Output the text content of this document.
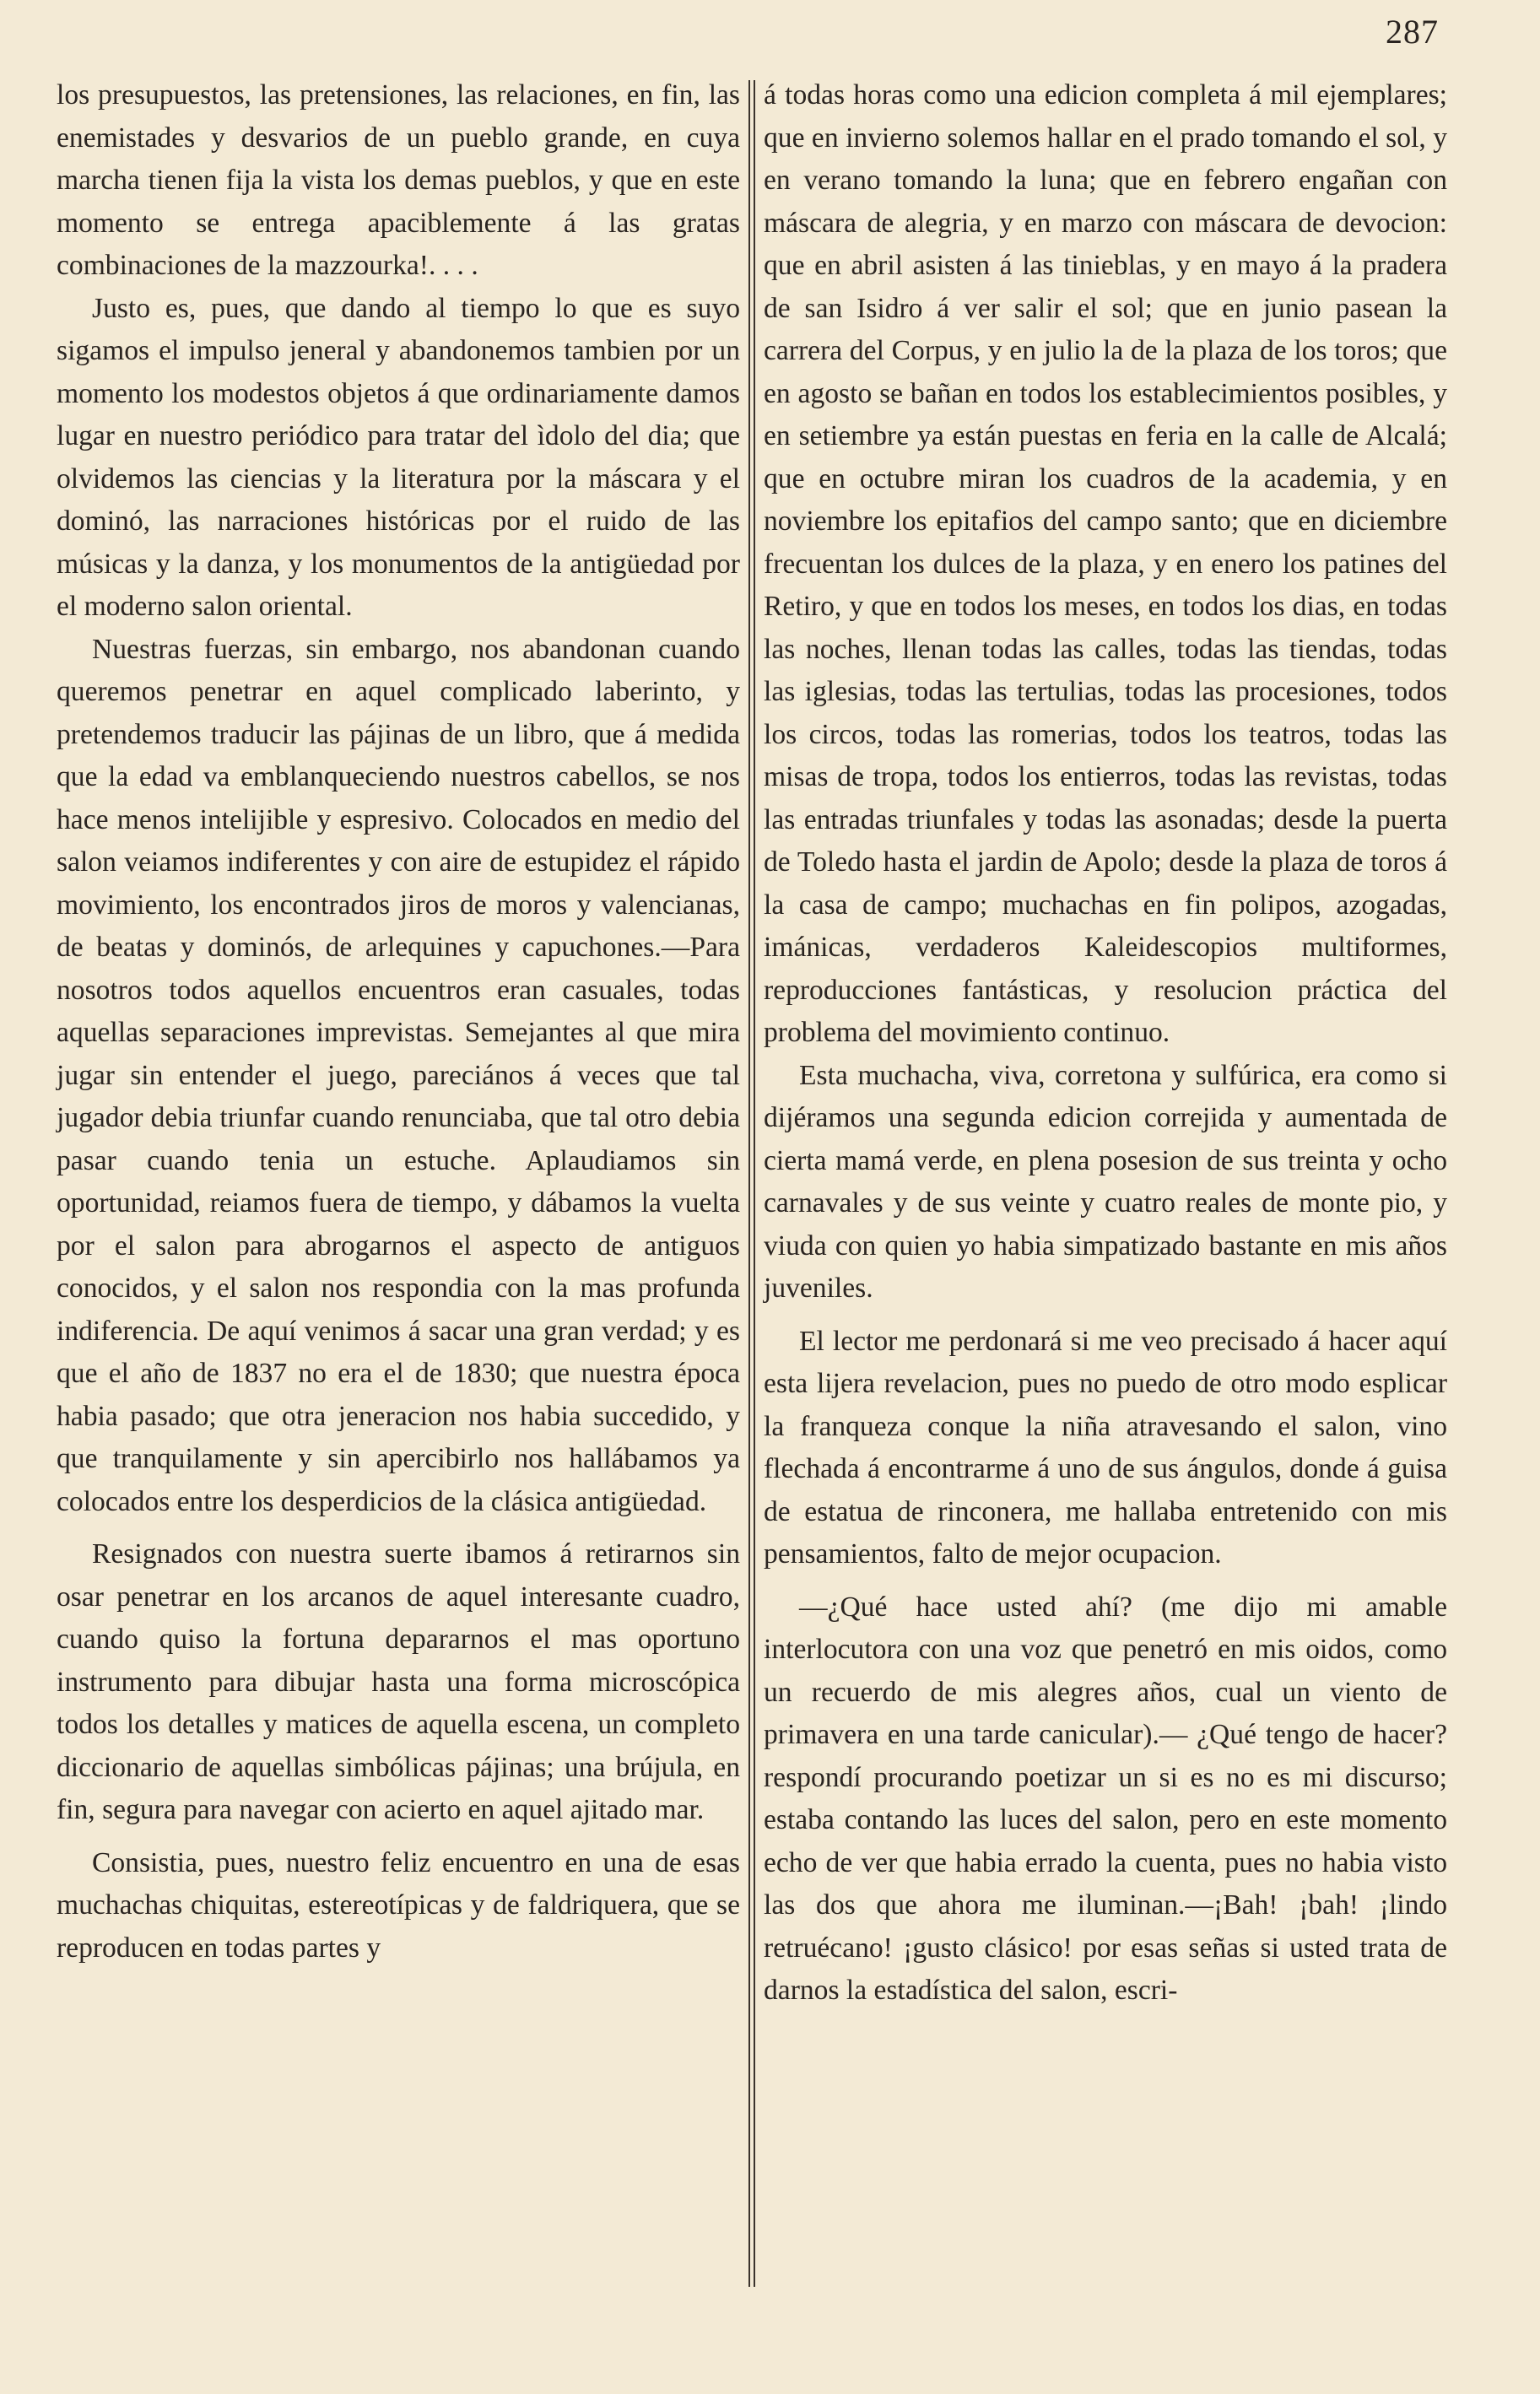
287

los presupuestos, las pretensiones, las relaciones, en fin, las enemistades y desvarios de un pueblo grande, en cuya marcha tienen fija la vista los demas pueblos, y que en este momento se entrega apaciblemente á las gratas combinaciones de la mazzourka!. . . .

Justo es, pues, que dando al tiempo lo que es suyo sigamos el impulso jeneral y abandonemos tambien por un momento los modestos objetos á que ordinariamente damos lugar en nuestro periódico para tratar del ìdolo del dia; que olvidemos las ciencias y la literatura por la máscara y el dominó, las narraciones históricas por el ruido de las músicas y la danza, y los monumentos de la antigüedad por el moderno salon oriental.

Nuestras fuerzas, sin embargo, nos abandonan cuando queremos penetrar en aquel complicado laberinto, y pretendemos traducir las pájinas de un libro, que á medida que la edad va emblanqueciendo nuestros cabellos, se nos hace menos intelijible y espresivo. Colocados en medio del salon veiamos indiferentes y con aire de estupidez el rápido movimiento, los encontrados jiros de moros y valencianas, de beatas y dominós, de arlequines y capuchones.—Para nosotros todos aquellos encuentros eran casuales, todas aquellas separaciones imprevistas. Semejantes al que mira jugar sin entender el juego, pareciános á veces que tal jugador debia triunfar cuando renunciaba, que tal otro debia pasar cuando tenia un estuche. Aplaudiamos sin oportunidad, reiamos fuera de tiempo, y dábamos la vuelta por el salon para abrogarnos el aspecto de antiguos conocidos, y el salon nos respondia con la mas profunda indiferencia. De aquí venimos á sacar una gran verdad; y es que el año de 1837 no era el de 1830; que nuestra época habia pasado; que otra jeneracion nos habia succedido, y que tranquilamente y sin apercibirlo nos hallábamos ya colocados entre los desperdicios de la clásica antigüedad.

Resignados con nuestra suerte ibamos á retirarnos sin osar penetrar en los arcanos de aquel interesante cuadro, cuando quiso la fortuna depararnos el mas oportuno instrumento para dibujar hasta una forma microscópica todos los detalles y matices de aquella escena, un completo diccionario de aquellas simbólicas pájinas; una brújula, en fin, segura para navegar con acierto en aquel ajitado mar.

Consistia, pues, nuestro feliz encuentro en una de esas muchachas chiquitas, estereotípicas y de faldriquera, que se reproducen en todas partes y

á todas horas como una edicion completa á mil ejemplares; que en invierno solemos hallar en el prado tomando el sol, y en verano tomando la luna; que en febrero engañan con máscara de alegria, y en marzo con máscara de devocion: que en abril asisten á las tinieblas, y en mayo á la pradera de san Isidro á ver salir el sol; que en junio pasean la carrera del Corpus, y en julio la de la plaza de los toros; que en agosto se bañan en todos los establecimientos posibles, y en setiembre ya están puestas en feria en la calle de Alcalá; que en octubre miran los cuadros de la academia, y en noviembre los epitafios del campo santo; que en diciembre frecuentan los dulces de la plaza, y en enero los patines del Retiro, y que en todos los meses, en todos los dias, en todas las noches, llenan todas las calles, todas las tiendas, todas las iglesias, todas las tertulias, todas las procesiones, todos los circos, todas las romerias, todos los teatros, todas las misas de tropa, todos los entierros, todas las revistas, todas las entradas triunfales y todas las asonadas; desde la puerta de Toledo hasta el jardin de Apolo; desde la plaza de toros á la casa de campo; muchachas en fin polipos, azogadas, imánicas, verdaderos Kaleidescopios multiformes, reproducciones fantásticas, y resolucion práctica del problema del movimiento continuo.

Esta muchacha, viva, corretona y sulfúrica, era como si dijéramos una segunda edicion correjida y aumentada de cierta mamá verde, en plena posesion de sus treinta y ocho carnavales y de sus veinte y cuatro reales de monte pio, y viuda con quien yo habia simpatizado bastante en mis años juveniles.

El lector me perdonará si me veo precisado á hacer aquí esta lijera revelacion, pues no puedo de otro modo esplicar la franqueza conque la niña atravesando el salon, vino flechada á encontrarme á uno de sus ángulos, donde á guisa de estatua de rinconera, me hallaba entretenido con mis pensamientos, falto de mejor ocupacion.

—¿Qué hace usted ahí? (me dijo mi amable interlocutora con una voz que penetró en mis oidos, como un recuerdo de mis alegres años, cual un viento de primavera en una tarde canicular).— ¿Qué tengo de hacer? respondí procurando poetizar un si es no es mi discurso; estaba contando las luces del salon, pero en este momento echo de ver que habia errado la cuenta, pues no habia visto las dos que ahora me iluminan.—¡Bah! ¡bah! ¡lindo retruécano! ¡gusto clásico! por esas señas si usted trata de darnos la estadística del salon, escri-
